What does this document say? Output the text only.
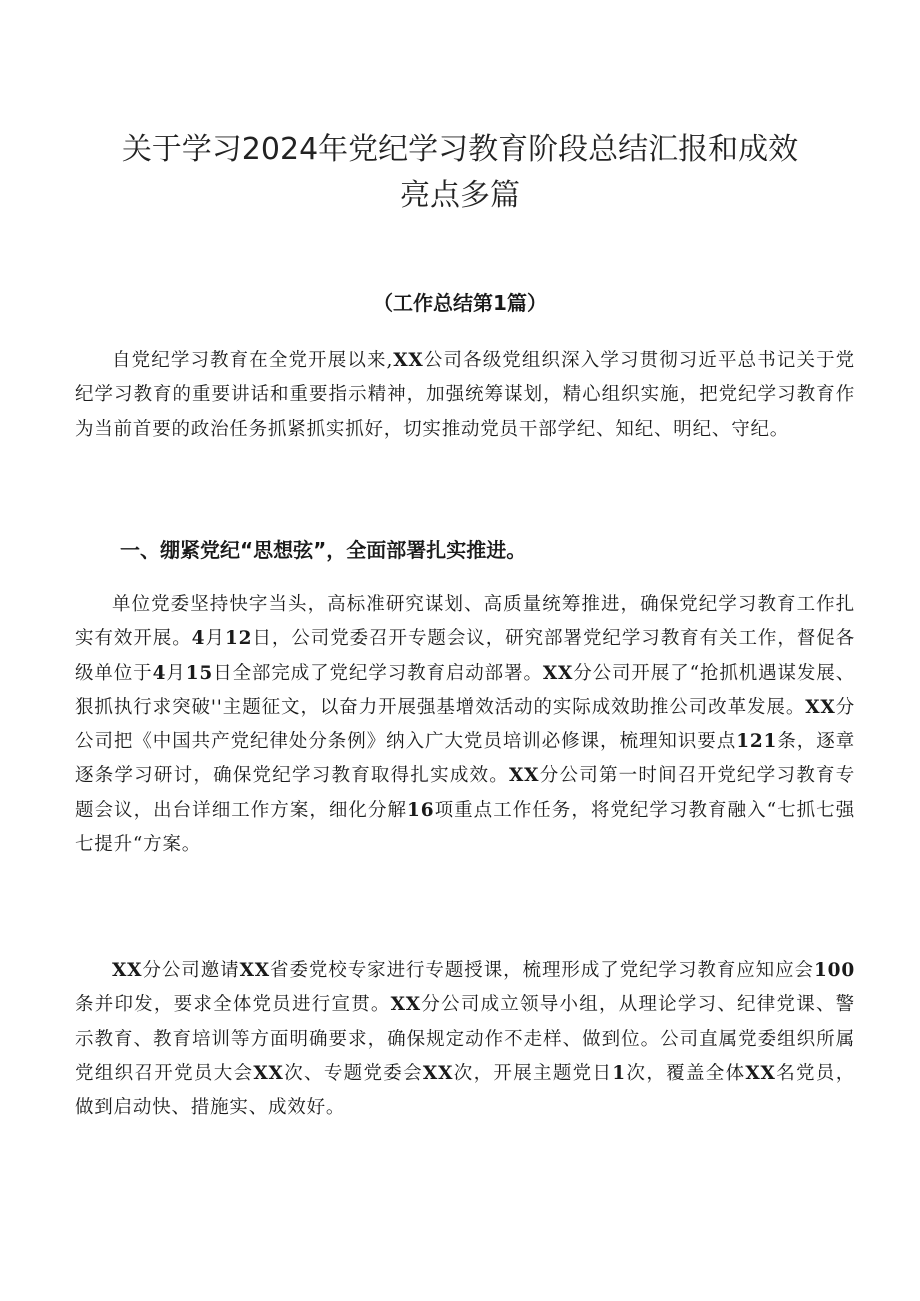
关于学习2024年党纪学习教育阶段总结汇报和成效
亮点多篇
（工作总结第1篇）

自党纪学习教育在全党开展以来,XX公司各级党组织深入学习贯彻习近平总书记关于党纪学习教育的重要讲话和重要指示精神，加强统筹谋划，精心组织实施，把党纪学习教育作为当前首要的政治任务抓紧抓实抓好，切实推动党员干部学纪、知纪、明纪、守纪。

一、绷紧党纪“思想弦”，全面部署扎实推进。

单位党委坚持快字当头，高标准研究谋划、高质量统筹推进，确保党纪学习教育工作扎实有效开展。4月12日，公司党委召开专题会议，研究部署党纪学习教育有关工作，督促各级单位于4月15日全部完成了党纪学习教育启动部署。XX分公司开展了“抢抓机遇谋发展、狠抓执行求突破''主题征文，以奋力开展强基增效活动的实际成效助推公司改革发展。XX分公司把《中国共产党纪律处分条例》纳入广大党员培训必修课，梳理知识要点121条，逐章逐条学习研讨，确保党纪学习教育取得扎实成效。XX分公司第一时间召开党纪学习教育专题会议，出台详细工作方案，细化分解16项重点工作任务，将党纪学习教育融入“七抓七强七提升“方案。

XX分公司邀请XX省委党校专家进行专题授课，梳理形成了党纪学习教育应知应会100条并印发，要求全体党员进行宣贯。XX分公司成立领导小组，从理论学习、纪律党课、警示教育、教育培训等方面明确要求，确保规定动作不走样、做到位。公司直属党委组织所属党组织召开党员大会XX次、专题党委会XX次，开展主题党日1次，覆盖全体XX名党员，做到启动快、措施实、成效好。
